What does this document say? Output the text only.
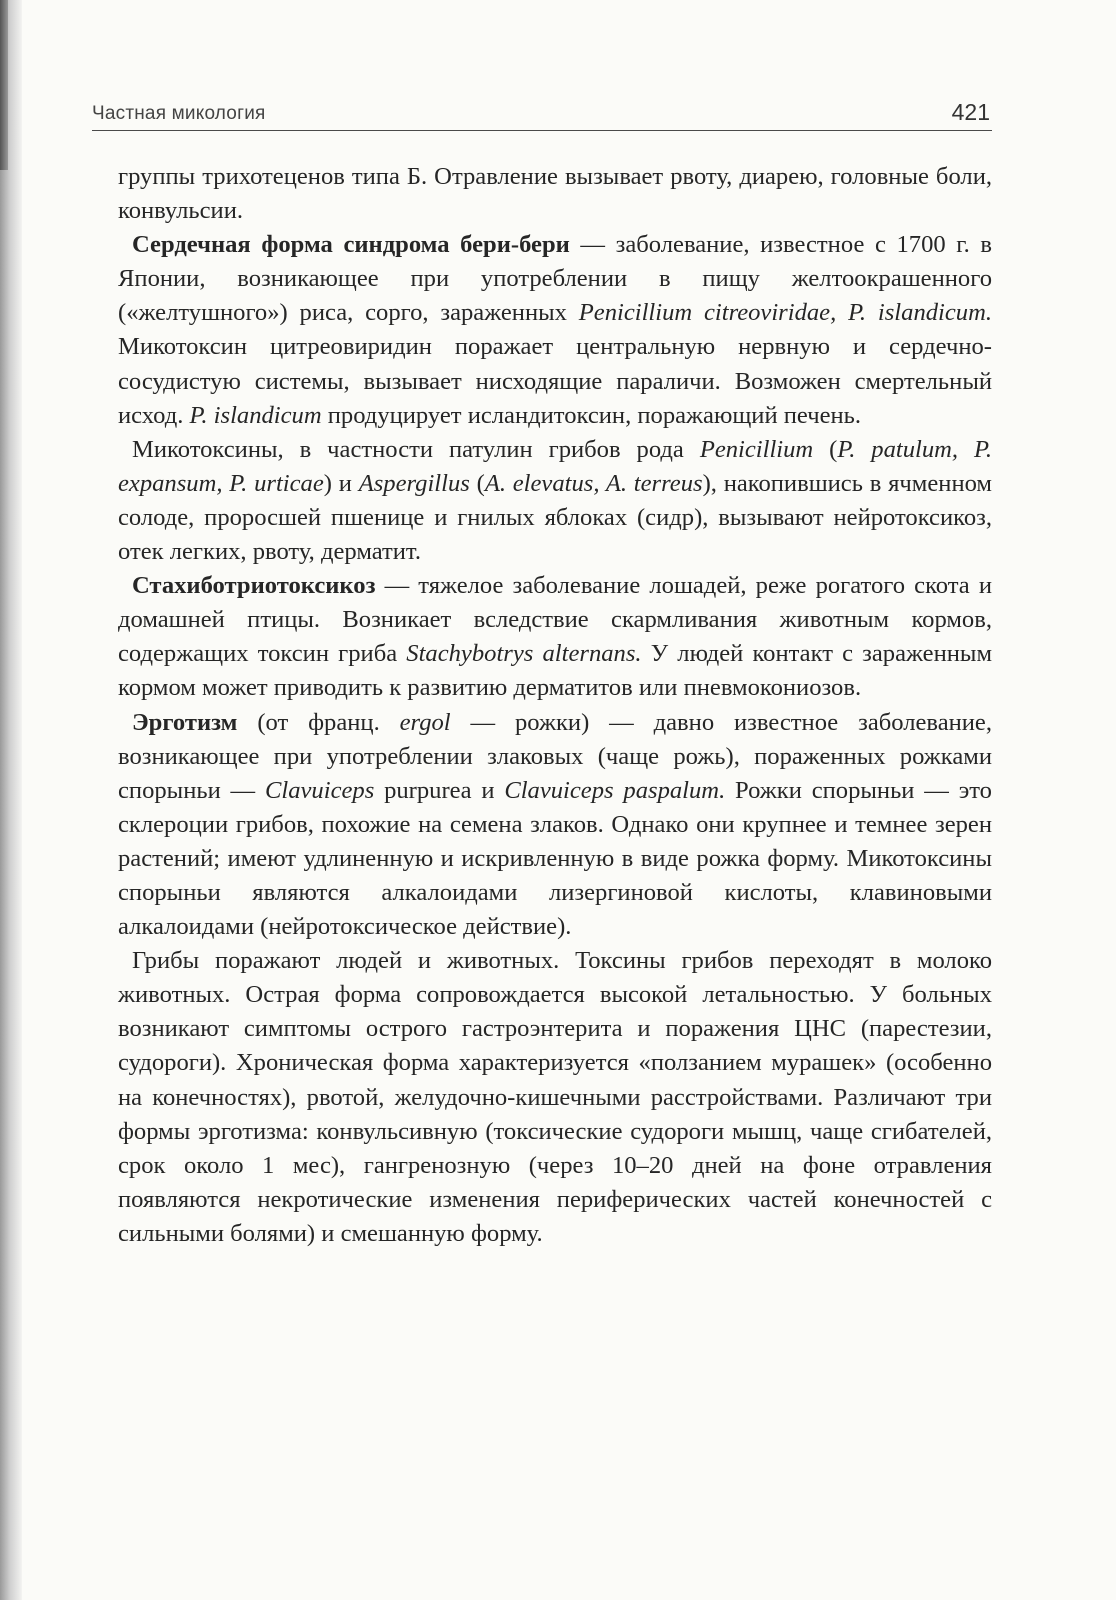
Частная микология	421

группы трихотеценов типа Б. Отравление вызывает рвоту, диарею, головные боли, конвульсии.

Сердечная форма синдрома бери-бери — заболевание, известное с 1700 г. в Японии, возникающее при употреблении в пищу желтоокрашенного («желтушного») риса, сорго, зараженных Penicillium citreoviridae, P. islandicum. Микотоксин цитреовиридин поражает центральную нервную и сердечно-сосудистую системы, вызывает нисходящие параличи. Возможен смертельный исход. P. islandicum продуцирует исландитоксин, поражающий печень.

Микотоксины, в частности патулин грибов рода Penicillium (P. patulum, P. expansum, P. urticae) и Aspergillus (A. elevatus, A. terreus), накопившись в ячменном солоде, проросшей пшенице и гнилых яблоках (сидр), вызывают нейротоксикоз, отек легких, рвоту, дерматит.

Стахиботриотоксикоз — тяжелое заболевание лошадей, реже рогатого скота и домашней птицы. Возникает вследствие скармливания животным кормов, содержащих токсин гриба Stachybotrys alternans. У людей контакт с зараженным кормом может приводить к развитию дерматитов или пневмокониозов.

Эрготизм (от франц. ergol — рожки) — давно известное заболевание, возникающее при употреблении злаковых (чаще рожь), пораженных рожками спорыньи — Clavuiceps purpurea и Clavuiceps paspalum. Рожки спорыньи — это склероции грибов, похожие на семена злаков. Однако они крупнее и темнее зерен растений; имеют удлиненную и искривленную в виде рожка форму. Микотоксины спорыньи являются алкалоидами лизергиновой кислоты, клавиновыми алкалоидами (нейротоксическое действие).

Грибы поражают людей и животных. Токсины грибов переходят в молоко животных. Острая форма сопровождается высокой летальностью. У больных возникают симптомы острого гастроэнтерита и поражения ЦНС (парестезии, судороги). Хроническая форма характеризуется «ползанием мурашек» (особенно на конечностях), рвотой, желудочно-кишечными расстройствами. Различают три формы эрготизма: конвульсивную (токсические судороги мышц, чаще сгибателей, срок около 1 мес), гангренозную (через 10–20 дней на фоне отравления появляются некротические изменения периферических частей конечностей с сильными болями) и смешанную форму.
